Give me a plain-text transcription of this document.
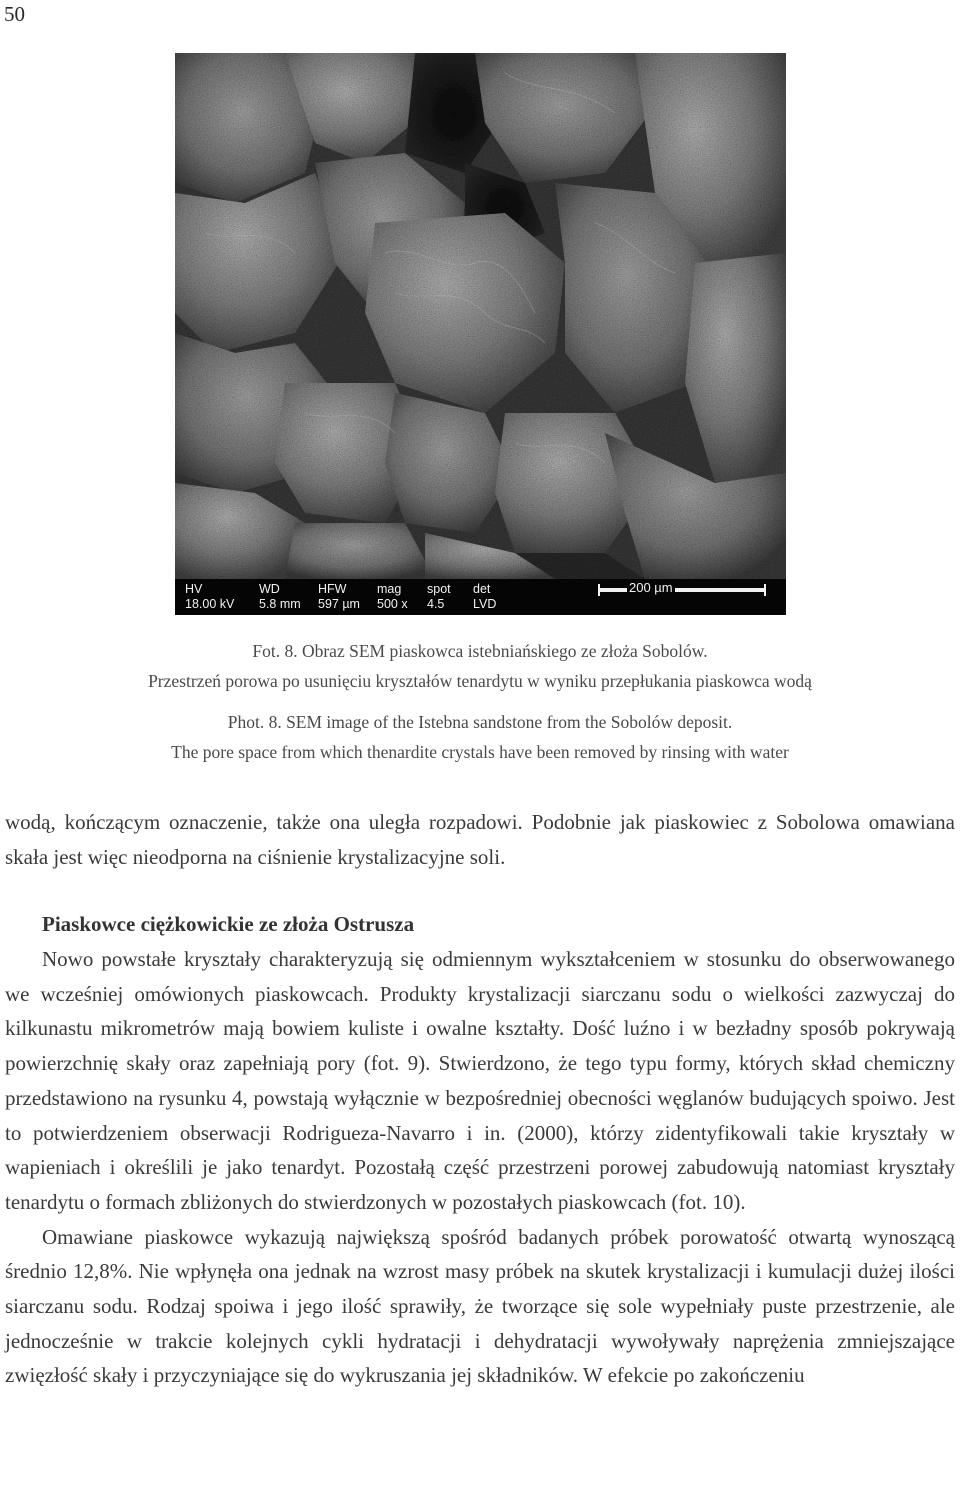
50
HV
18.00 kV
WD
5.8 mm
HFW
597 µm
mag
500 x
spot
4.5
det
LVD
200 µm
Fot. 8. Obraz SEM piaskowca istebniańskiego ze złoża Sobolów.
Przestrzeń porowa po usunięciu kryształów tenardytu w wyniku przepłukania piaskowca wodą
Phot. 8. SEM image of the Istebna sandstone from the Sobolów deposit.
The pore space from which thenardite crystals have been removed by rinsing with water

wodą, kończącym oznaczenie, także ona uległa rozpadowi. Podobnie jak piaskowiec z Sobolowa omawiana skała jest więc nieodporna na ciśnienie krystalizacyjne soli.

Piaskowce ciężkowickie ze złoża Ostrusza

Nowo powstałe kryształy charakteryzują się odmiennym wykształceniem w stosunku do obserwowanego we wcześniej omówionych piaskowcach. Produkty krystalizacji siarczanu sodu o wielkości zazwyczaj do kilkunastu mikrometrów mają bowiem kuliste i owalne kształty. Dość luźno i w bezładny sposób pokrywają powierzchnię skały oraz zapełniają pory (fot. 9). Stwierdzono, że tego typu formy, których skład chemiczny przedstawiono na rysunku 4, powstają wyłącznie w bezpośredniej obecności węglanów budujących spoiwo. Jest to potwierdzeniem obserwacji Rodrigueza-Navarro i in. (2000), którzy zidentyfikowali takie kryształy w wapieniach i określili je jako tenardyt. Pozostałą część przestrzeni porowej zabudowują natomiast kryształy tenardytu o formach zbliżonych do stwierdzonych w pozostałych piaskowcach (fot. 10).

Omawiane piaskowce wykazują największą spośród badanych próbek porowatość otwartą wynoszącą średnio 12,8%. Nie wpłynęła ona jednak na wzrost masy próbek na skutek krystalizacji i kumulacji dużej ilości siarczanu sodu. Rodzaj spoiwa i jego ilość sprawiły, że tworzące się sole wypełniały puste przestrzenie, ale jednocześnie w trakcie kolejnych cykli hydratacji i dehydratacji wywoływały naprężenia zmniejszające zwięzłość skały i przyczyniające się do wykruszania jej składników. W efekcie po zakończeniu
